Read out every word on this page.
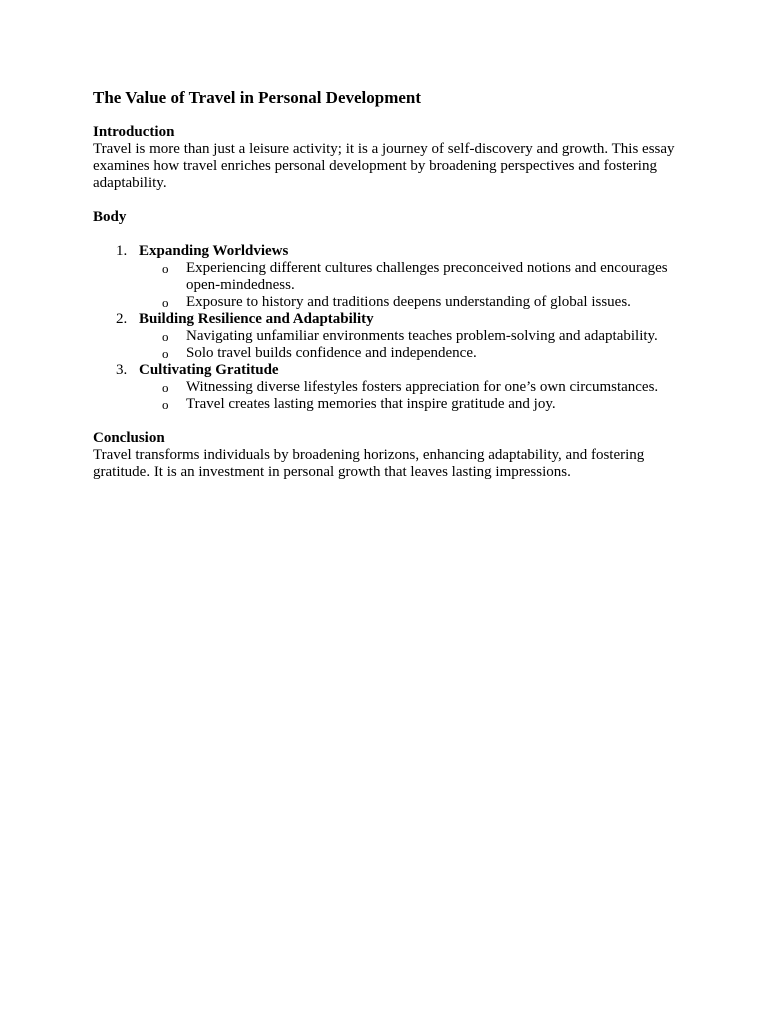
The Value of Travel in Personal Development

Introduction

Travel is more than just a leisure activity; it is a journey of self-discovery and growth. This essay examines how travel enriches personal development by broadening perspectives and fostering adaptability.

Body

1. Expanding Worldviews
o Experiencing different cultures challenges preconceived notions and encourages open-mindedness.
o Exposure to history and traditions deepens understanding of global issues.
2. Building Resilience and Adaptability
o Navigating unfamiliar environments teaches problem-solving and adaptability.
o Solo travel builds confidence and independence.
3. Cultivating Gratitude
o Witnessing diverse lifestyles fosters appreciation for one’s own circumstances.
o Travel creates lasting memories that inspire gratitude and joy.

Conclusion

Travel transforms individuals by broadening horizons, enhancing adaptability, and fostering gratitude. It is an investment in personal growth that leaves lasting impressions.
